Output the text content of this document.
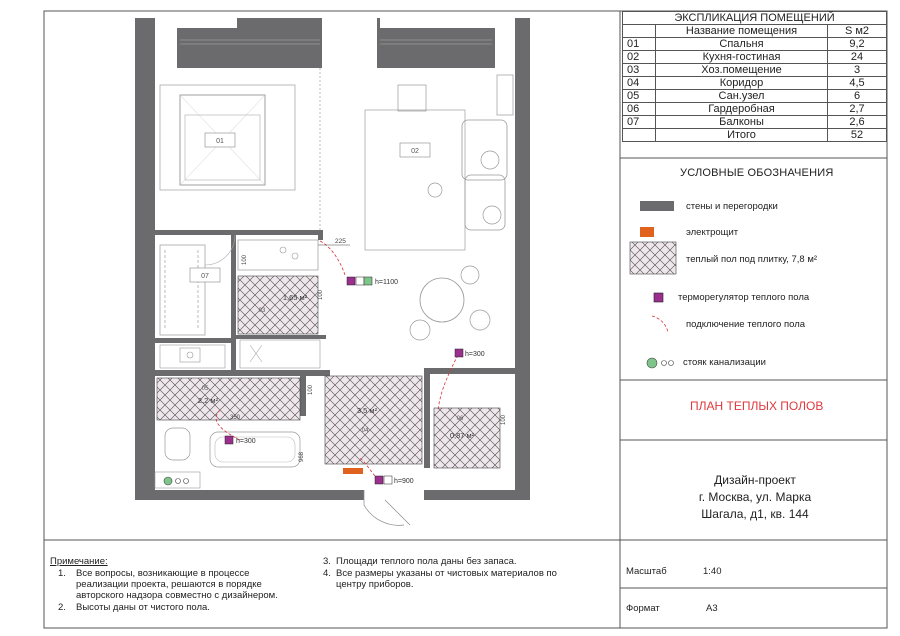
01
02
07
1,65 м²
2,2 м²
3,5 м²
0,87 м²
03
04
05
06
h=1100
h=300
h=300
h=900
225
100
100
100
100
968
350
ЭКСПЛИКАЦИЯ ПОМЕЩЕНИЙ		
	Название помещения	S м2
01	Спальня	9,2
02	Кухня-гостиная	24
03	Хоз.помещение	3
04	Коридор	4,5
05	Сан.узел	6
06	Гардеробная	2,7
07	Балконы	2,6
	Итого	52
УСЛОВНЫЕ ОБОЗНАЧЕНИЯ
стены и перегородки
электрощит
теплый пол под плитку, 7,8 м²
терморегулятор теплого пола
подключение теплого пола
стояк канализации
ПЛАН ТЕПЛЫХ ПОЛОВ
Дизайн-проект
г. Москва, ул. Марка
Шагала, д1, кв. 144
Примечание:
1. Все вопросы, возникающие в процессе
реализации проекта, решаются в порядке
авторского надзора совместно с дизайнером.
2. Высоты даны от чистого пола.
3. Площади теплого пола даны без запаса.
4. Все размеры указаны от чистовых материалов по
центру приборов.
Масштаб	1:40
Формат	А3
